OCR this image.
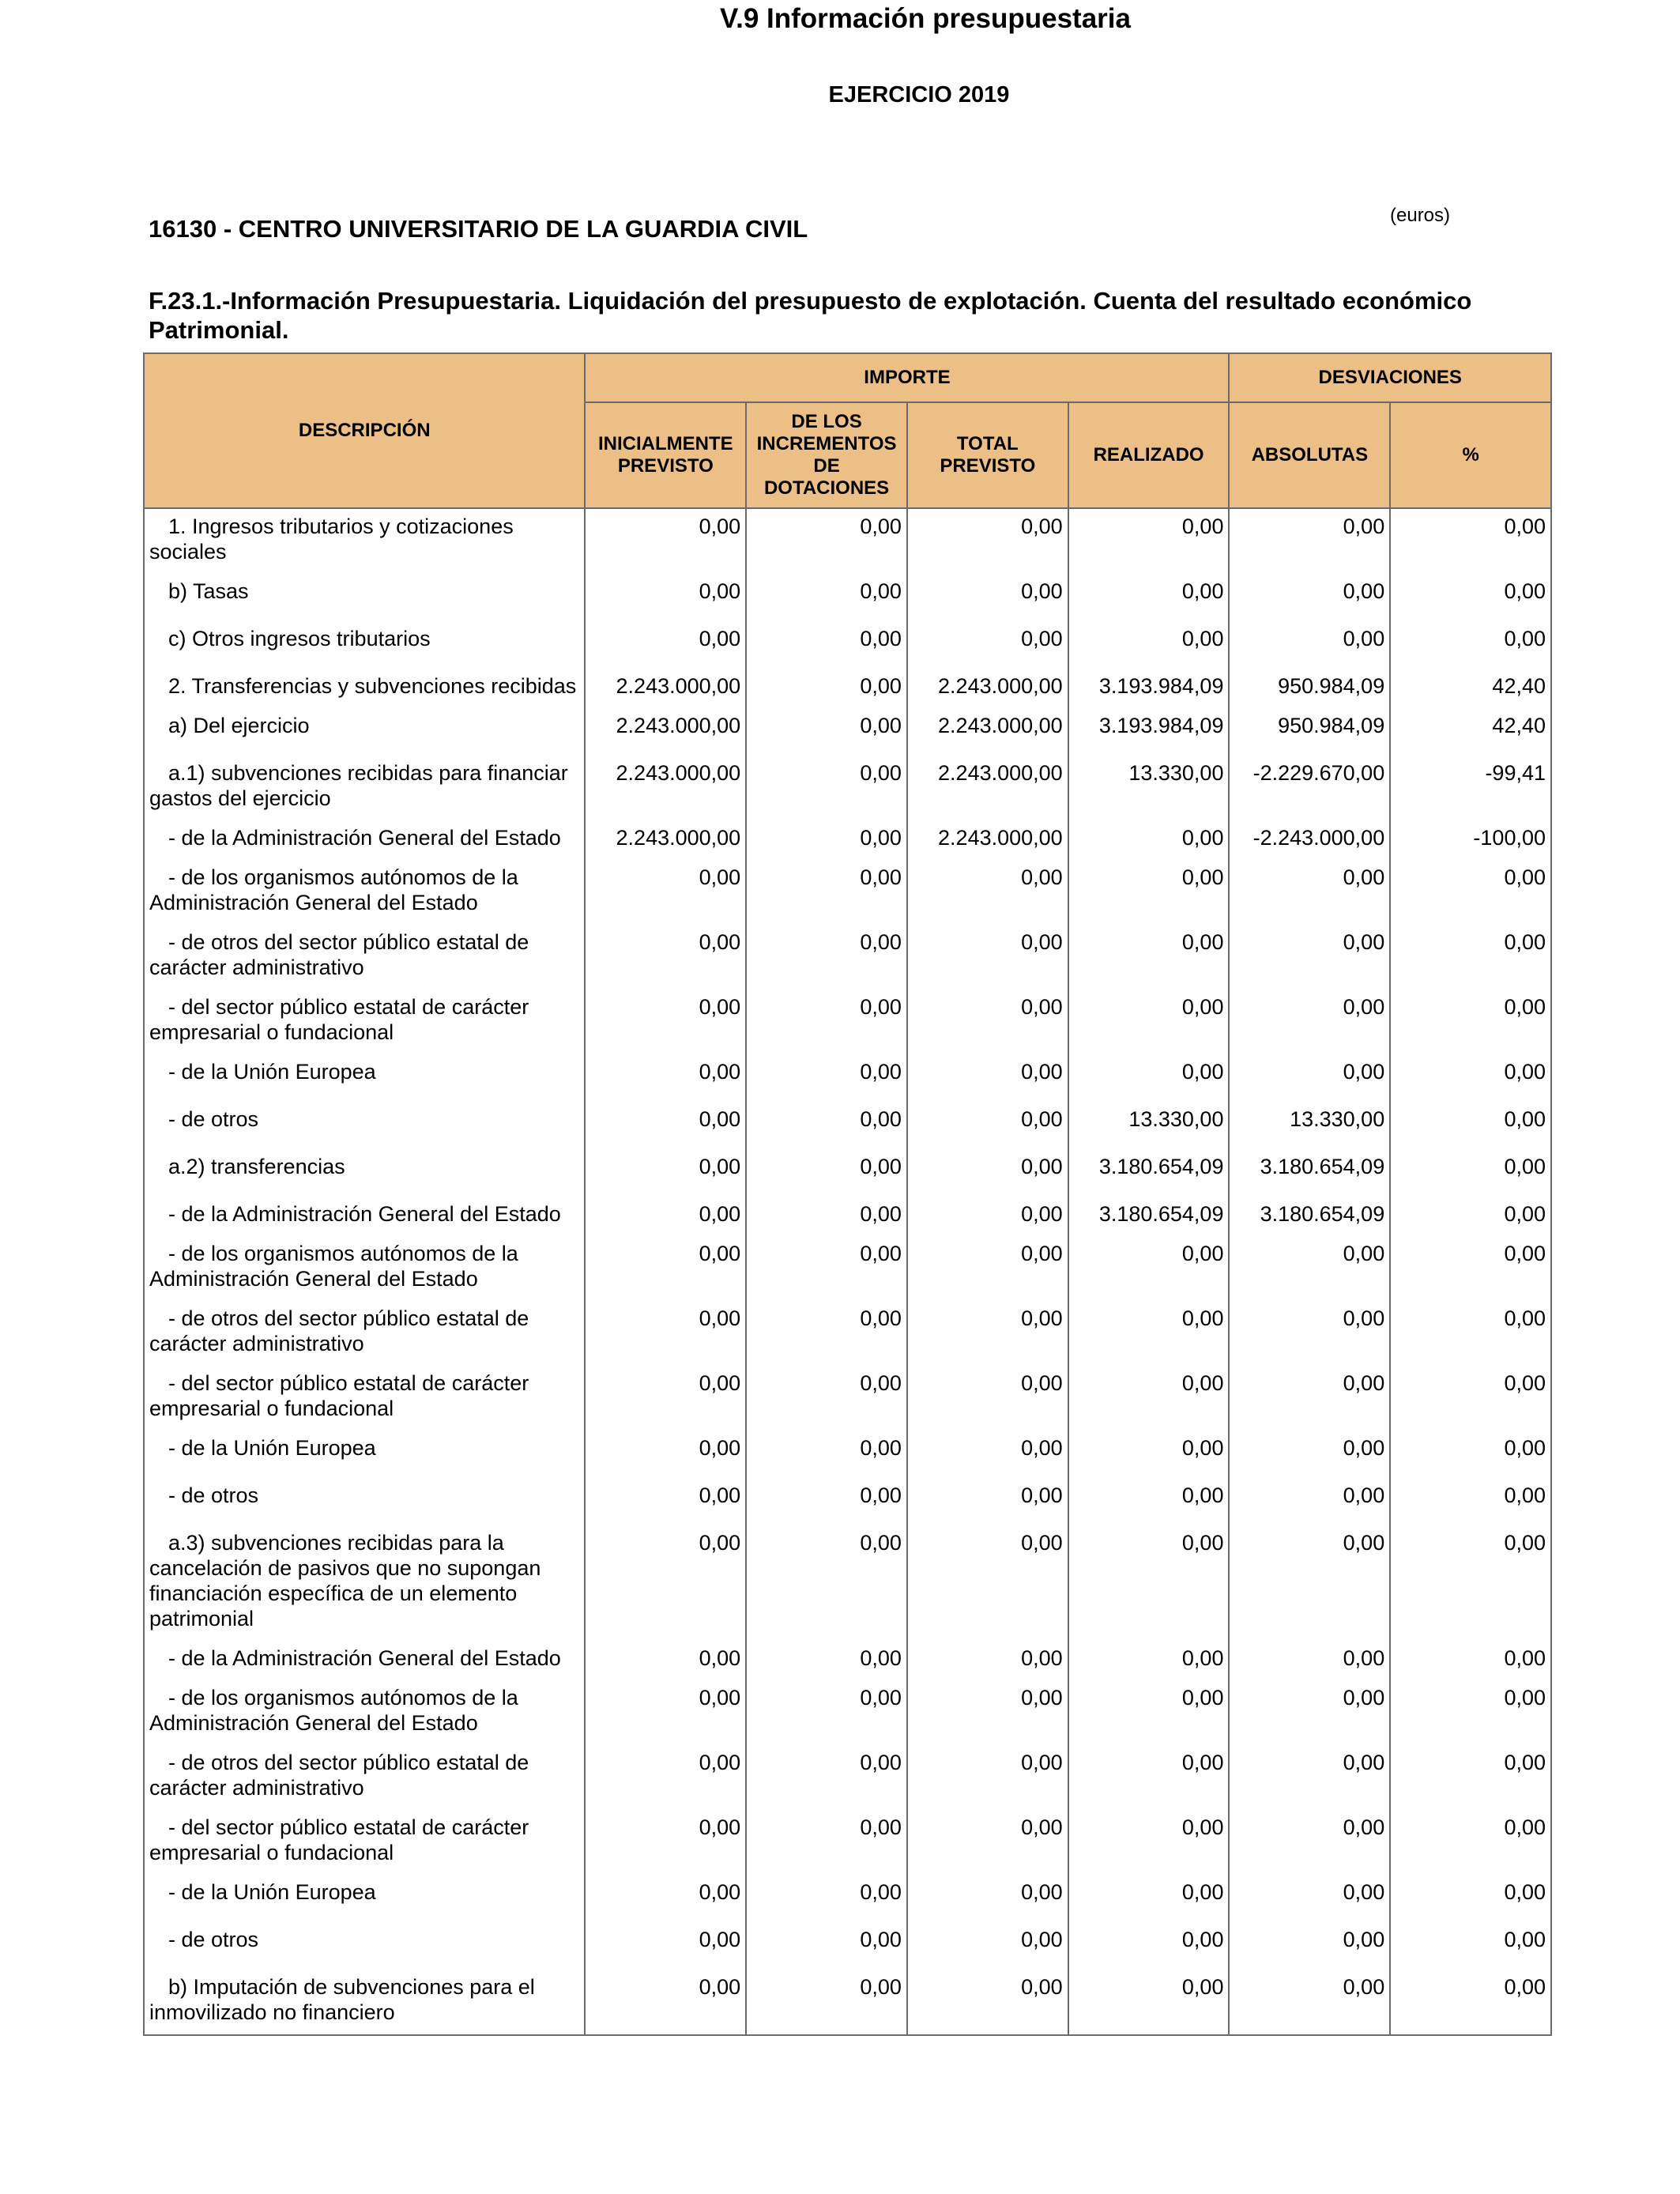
V.9 Información presupuestaria
EJERCICIO 2019
16130 - CENTRO UNIVERSITARIO DE LA GUARDIA CIVIL	(euros)
F.23.1.-Información Presupuestaria. Liquidación del presupuesto de explotación. Cuenta del resultado económico Patrimonial.
DESCRIPCIÓN	IMPORTE				DESVIACIONES	
	INICIALMENTE PREVISTO	DE LOS INCREMENTOS DE DOTACIONES	TOTAL PREVISTO	REALIZADO	ABSOLUTAS	%
1. Ingresos tributarios y cotizaciones sociales	0,00	0,00	0,00	0,00	0,00	0,00
b) Tasas	0,00	0,00	0,00	0,00	0,00	0,00
c) Otros ingresos tributarios	0,00	0,00	0,00	0,00	0,00	0,00
2. Transferencias y subvenciones recibidas	2.243.000,00	0,00	2.243.000,00	3.193.984,09	950.984,09	42,40
a) Del ejercicio	2.243.000,00	0,00	2.243.000,00	3.193.984,09	950.984,09	42,40
a.1) subvenciones recibidas para financiar gastos del ejercicio	2.243.000,00	0,00	2.243.000,00	13.330,00	-2.229.670,00	-99,41
- de la Administración General del Estado	2.243.000,00	0,00	2.243.000,00	0,00	-2.243.000,00	-100,00
- de los organismos autónomos de la Administración General del Estado	0,00	0,00	0,00	0,00	0,00	0,00
- de otros del sector público estatal de carácter administrativo	0,00	0,00	0,00	0,00	0,00	0,00
- del sector público estatal de carácter empresarial o fundacional	0,00	0,00	0,00	0,00	0,00	0,00
- de la Unión Europea	0,00	0,00	0,00	0,00	0,00	0,00
- de otros	0,00	0,00	0,00	13.330,00	13.330,00	0,00
a.2) transferencias	0,00	0,00	0,00	3.180.654,09	3.180.654,09	0,00
- de la Administración General del Estado	0,00	0,00	0,00	3.180.654,09	3.180.654,09	0,00
- de los organismos autónomos de la Administración General del Estado	0,00	0,00	0,00	0,00	0,00	0,00
- de otros del sector público estatal de carácter administrativo	0,00	0,00	0,00	0,00	0,00	0,00
- del sector público estatal de carácter empresarial o fundacional	0,00	0,00	0,00	0,00	0,00	0,00
- de la Unión Europea	0,00	0,00	0,00	0,00	0,00	0,00
- de otros	0,00	0,00	0,00	0,00	0,00	0,00
a.3) subvenciones recibidas para la cancelación de pasivos que no supongan financiación específica de un elemento patrimonial	0,00	0,00	0,00	0,00	0,00	0,00
- de la Administración General del Estado	0,00	0,00	0,00	0,00	0,00	0,00
- de los organismos autónomos de la Administración General del Estado	0,00	0,00	0,00	0,00	0,00	0,00
- de otros del sector público estatal de carácter administrativo	0,00	0,00	0,00	0,00	0,00	0,00
- del sector público estatal de carácter empresarial o fundacional	0,00	0,00	0,00	0,00	0,00	0,00
- de la Unión Europea	0,00	0,00	0,00	0,00	0,00	0,00
- de otros	0,00	0,00	0,00	0,00	0,00	0,00
b) Imputación de subvenciones para el inmovilizado no financiero	0,00	0,00	0,00	0,00	0,00	0,00
